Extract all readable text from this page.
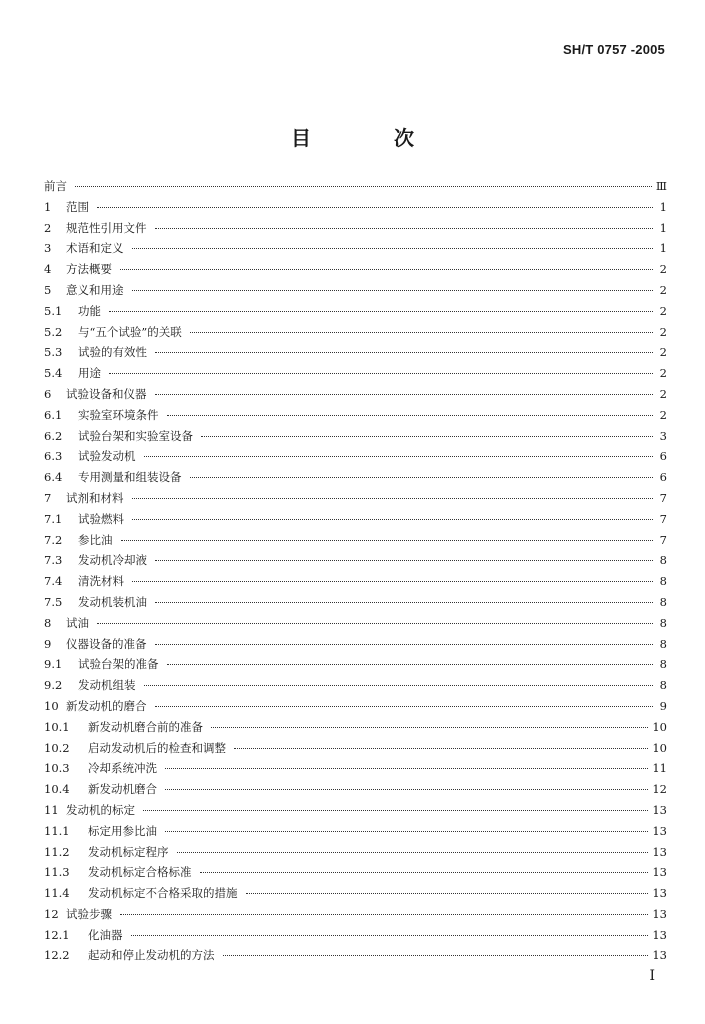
SH/T 0757 -2005
目 次
前言	Ⅲ
1	范围	1
2	规范性引用文件	1
3	术语和定义	1
4	方法概要	2
5	意义和用途	2
5.1	功能	2
5.2	与“五个试验”的关联	2
5.3	试验的有效性	2
5.4	用途	2
6	试验设备和仪器	2
6.1	实验室环境条件	2
6.2	试验台架和实验室设备	3
6.3	试验发动机	6
6.4	专用测量和组装设备	6
7	试剂和材料	7
7.1	试验燃料	7
7.2	参比油	7
7.3	发动机冷却液	8
7.4	清洗材料	8
7.5	发动机装机油	8
8	试油	8
9	仪器设备的准备	8
9.1	试验台架的准备	8
9.2	发动机组装	8
10 新发动机的磨合	9
10.1	新发动机磨合前的准备	10
10.2	启动发动机后的检查和调整	10
10.3	冷却系统冲洗	11
10.4	新发动机磨合	12
11 发动机的标定	13
11.1	标定用参比油	13
11.2	发动机标定程序	13
11.3	发动机标定合格标准	13
11.4	发动机标定不合格采取的措施	13
12 试验步骤	13
12.1	化油器	13
12.2	起动和停止发动机的方法	13
I
